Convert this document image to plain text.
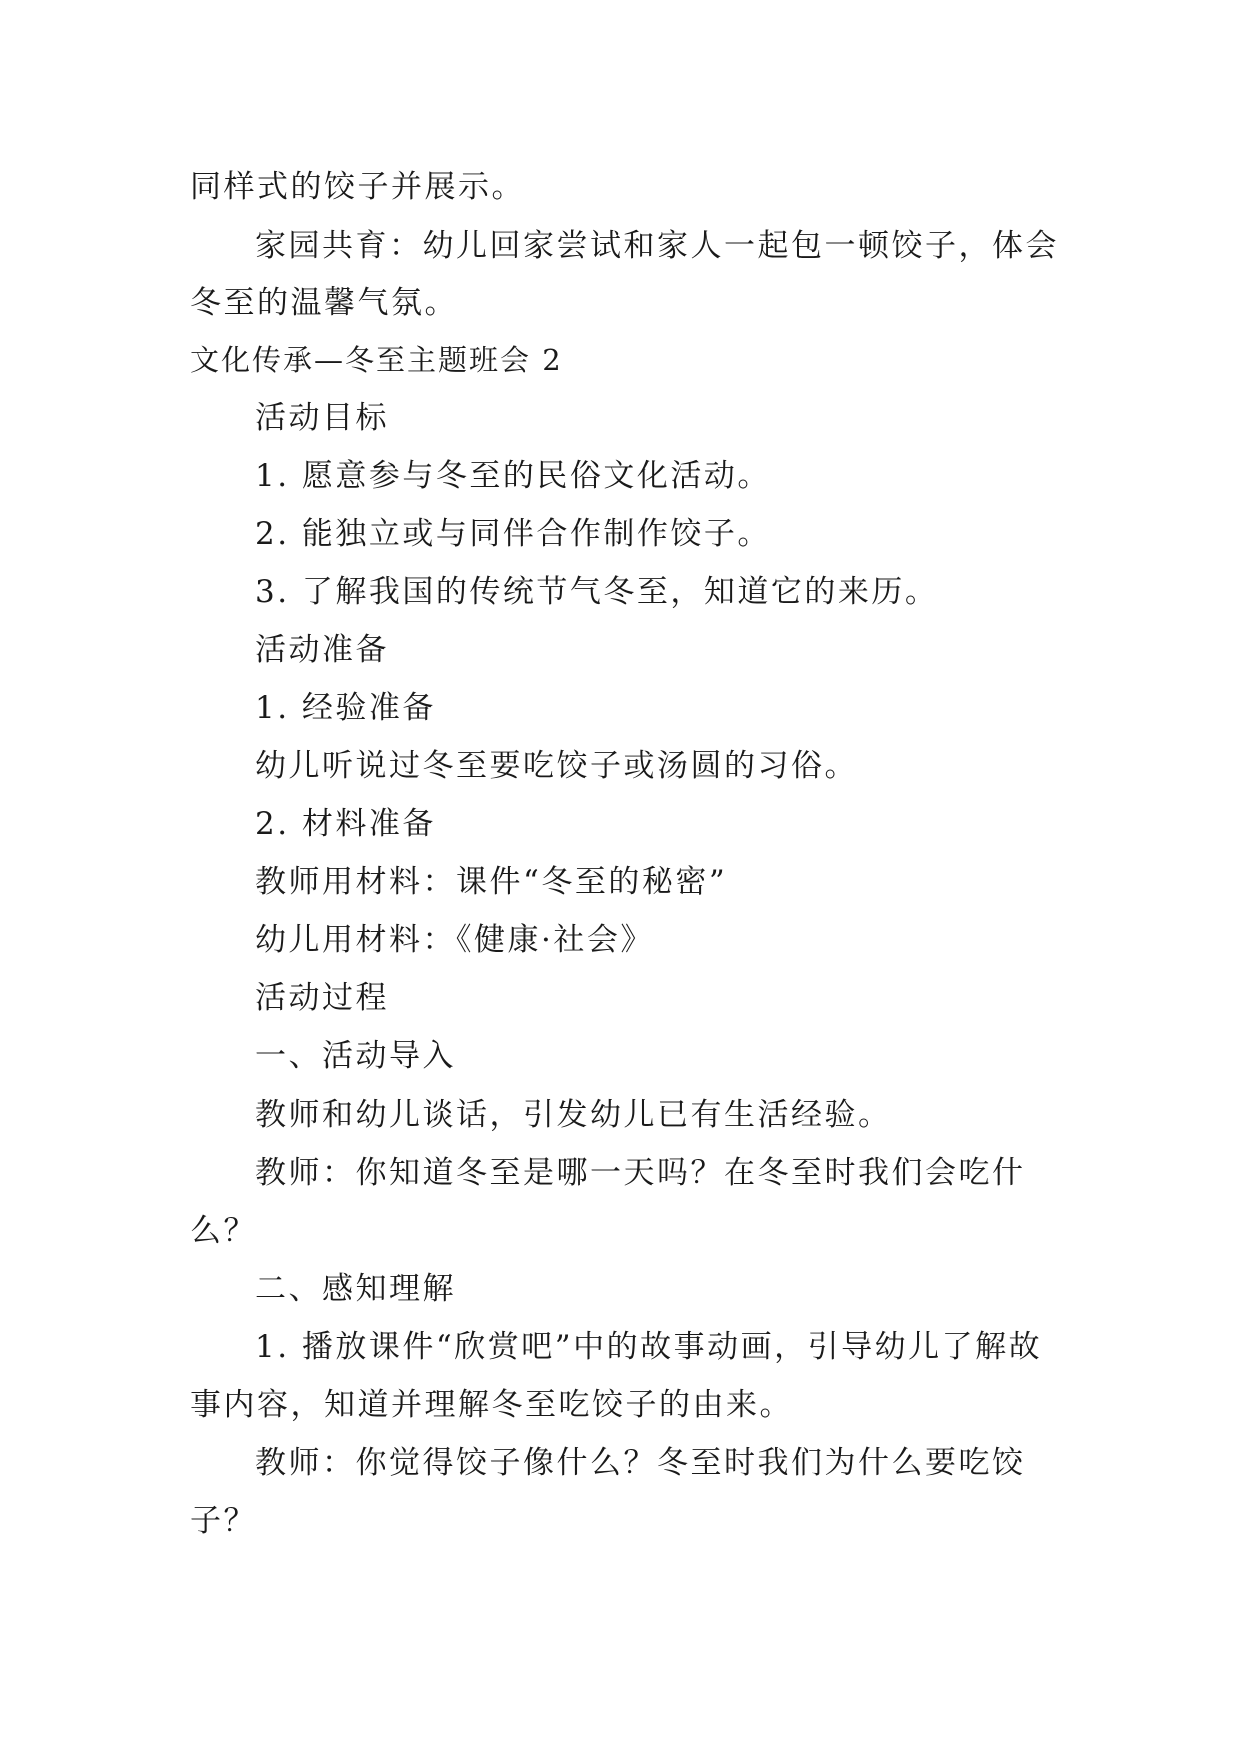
同样式的饺子并展示。
家园共育：幼儿回家尝试和家人一起包一顿饺子，体会
冬至的温馨气氛。
文化传承—冬至主题班会 2
活动目标
1. 愿意参与冬至的民俗文化活动。
2. 能独立或与同伴合作制作饺子。
3. 了解我国的传统节气冬至，知道它的来历。
活动准备
1. 经验准备
幼儿听说过冬至要吃饺子或汤圆的习俗。
2. 材料准备
教师用材料：课件“冬至的秘密”
幼儿用材料：《健康·社会》
活动过程
一、活动导入
教师和幼儿谈话，引发幼儿已有生活经验。
教师：你知道冬至是哪一天吗？在冬至时我们会吃什
么？
二、感知理解
1. 播放课件“欣赏吧”中的故事动画，引导幼儿了解故
事内容，知道并理解冬至吃饺子的由来。
教师：你觉得饺子像什么？冬至时我们为什么要吃饺
子？
